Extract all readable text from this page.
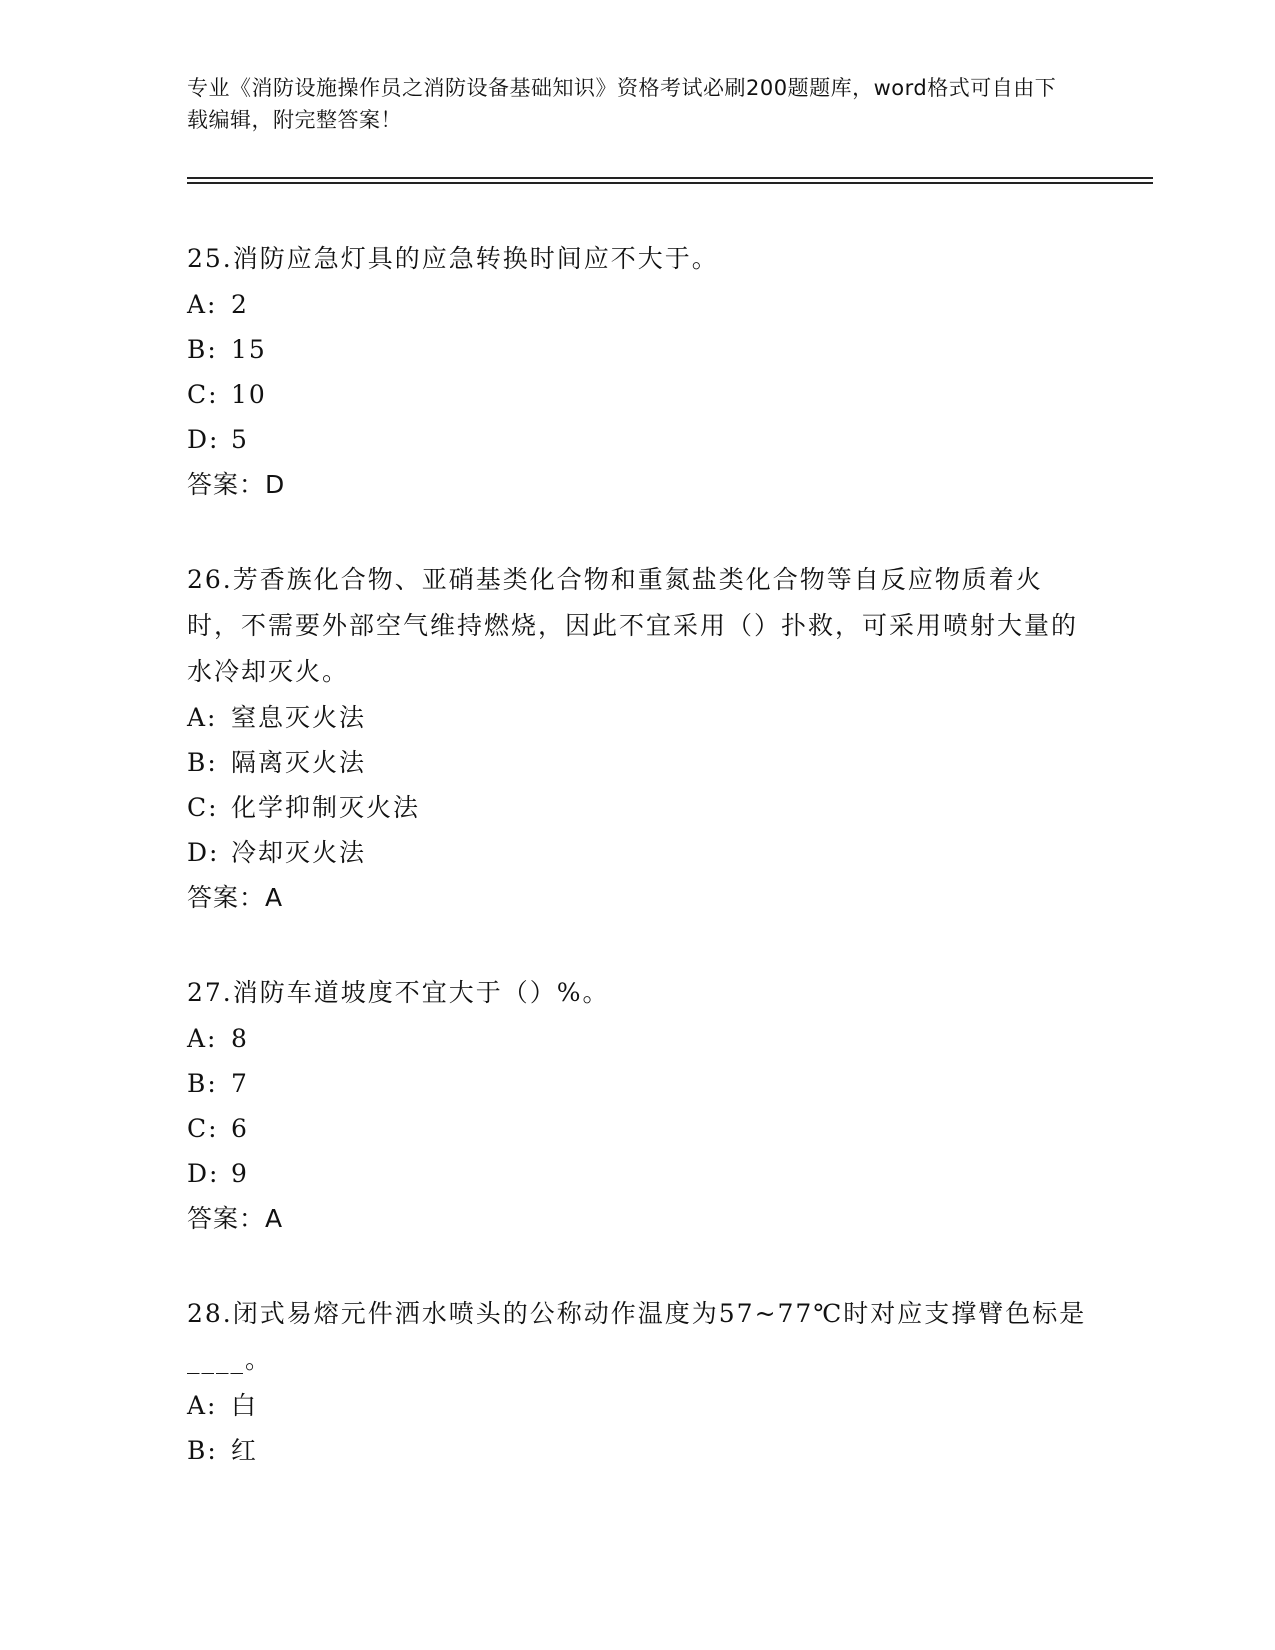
专业《消防设施操作员之消防设备基础知识》资格考试必刷200题题库，word格式可自由下载编辑，附完整答案！
25.消防应急灯具的应急转换时间应不大于。
A: 2
B: 15
C: 10
D: 5
答案：D
26.芳香族化合物、亚硝基类化合物和重氮盐类化合物等自反应物质着火时，不需要外部空气维持燃烧，因此不宜采用（）扑救，可采用喷射大量的水冷却灭火。
A: 窒息灭火法
B: 隔离灭火法
C: 化学抑制灭火法
D: 冷却灭火法
答案：A
27.消防车道坡度不宜大于（）%。
A: 8
B: 7
C: 6
D: 9
答案：A
28.闭式易熔元件洒水喷头的公称动作温度为57~77℃时对应支撑臂色标是____。
A: 白
B: 红
